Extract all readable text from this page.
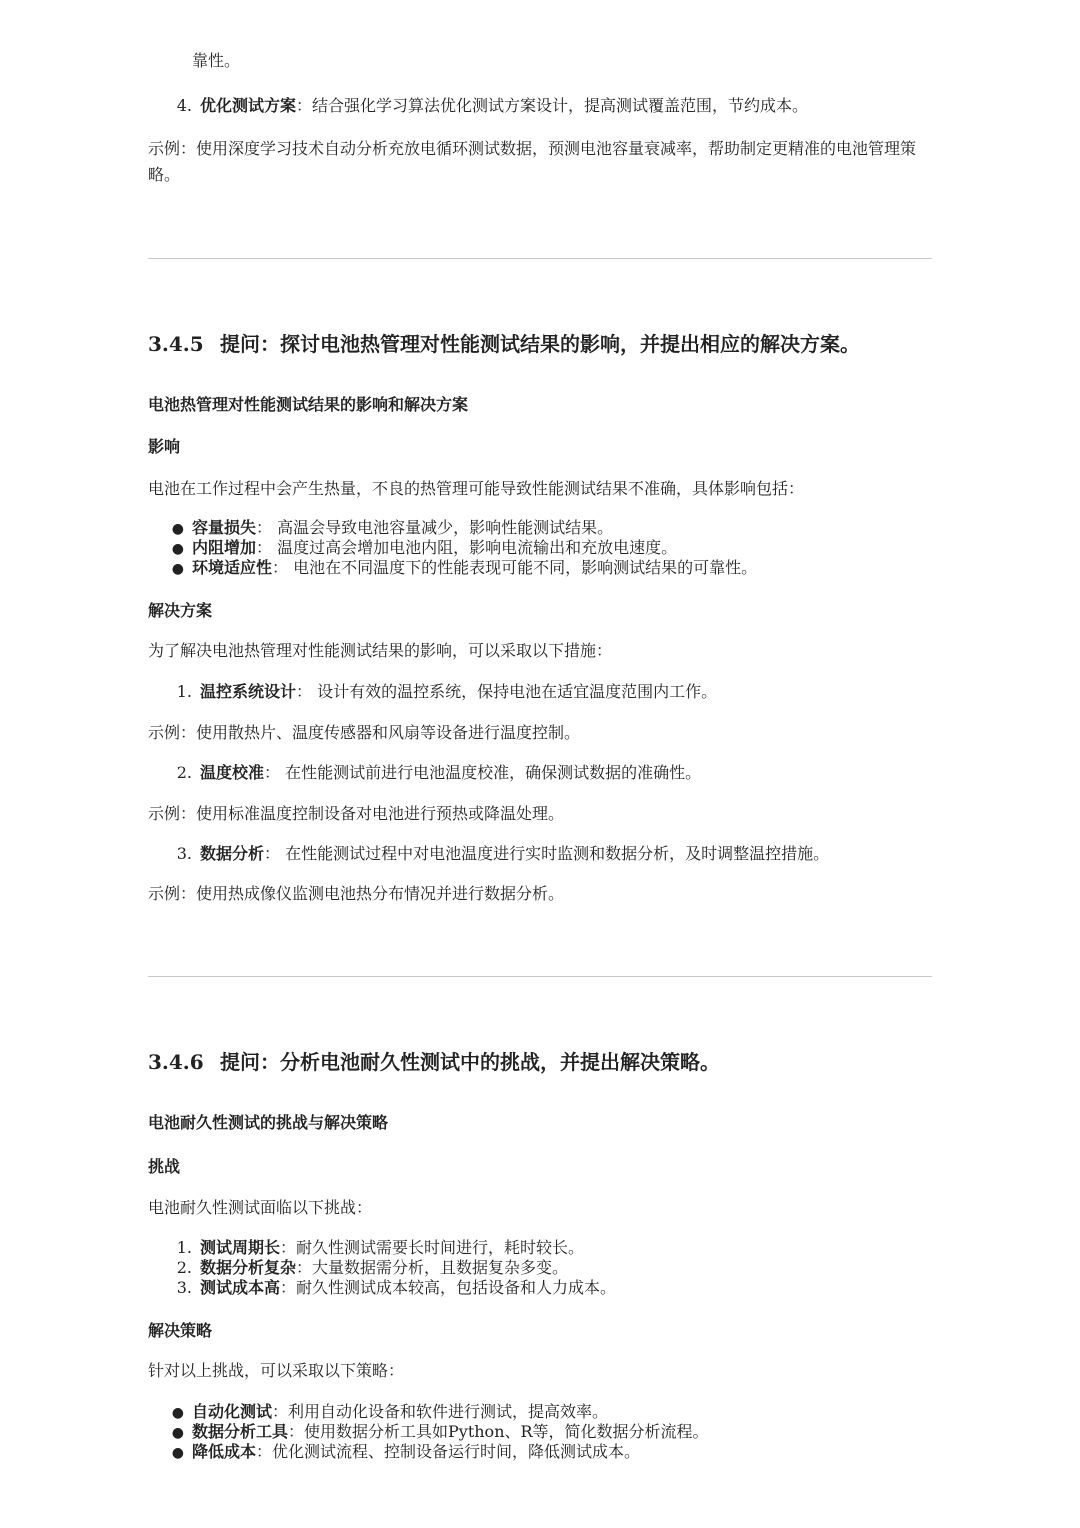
靠性。
4. 优化测试方案：结合强化学习算法优化测试方案设计，提高测试覆盖范围，节约成本。
示例：使用深度学习技术自动分析充放电循环测试数据，预测电池容量衰减率，帮助制定更精准的电池管理策略。
3.4.5 提问：探讨电池热管理对性能测试结果的影响，并提出相应的解决方案。
电池热管理对性能测试结果的影响和解决方案
影响
电池在工作过程中会产生热量，不良的热管理可能导致性能测试结果不准确，具体影响包括：
● 容量损失： 高温会导致电池容量减少，影响性能测试结果。
● 内阻增加： 温度过高会增加电池内阻，影响电流输出和充放电速度。
● 环境适应性： 电池在不同温度下的性能表现可能不同，影响测试结果的可靠性。
解决方案
为了解决电池热管理对性能测试结果的影响，可以采取以下措施：
1. 温控系统设计： 设计有效的温控系统，保持电池在适宜温度范围内工作。
示例：使用散热片、温度传感器和风扇等设备进行温度控制。
2. 温度校准： 在性能测试前进行电池温度校准，确保测试数据的准确性。
示例：使用标准温度控制设备对电池进行预热或降温处理。
3. 数据分析： 在性能测试过程中对电池温度进行实时监测和数据分析，及时调整温控措施。
示例：使用热成像仪监测电池热分布情况并进行数据分析。
3.4.6 提问：分析电池耐久性测试中的挑战，并提出解决策略。
电池耐久性测试的挑战与解决策略
挑战
电池耐久性测试面临以下挑战：
1. 测试周期长：耐久性测试需要长时间进行，耗时较长。
2. 数据分析复杂：大量数据需分析，且数据复杂多变。
3. 测试成本高：耐久性测试成本较高，包括设备和人力成本。
解决策略
针对以上挑战，可以采取以下策略：
● 自动化测试：利用自动化设备和软件进行测试，提高效率。
● 数据分析工具：使用数据分析工具如Python、R等，简化数据分析流程。
● 降低成本：优化测试流程、控制设备运行时间，降低测试成本。
